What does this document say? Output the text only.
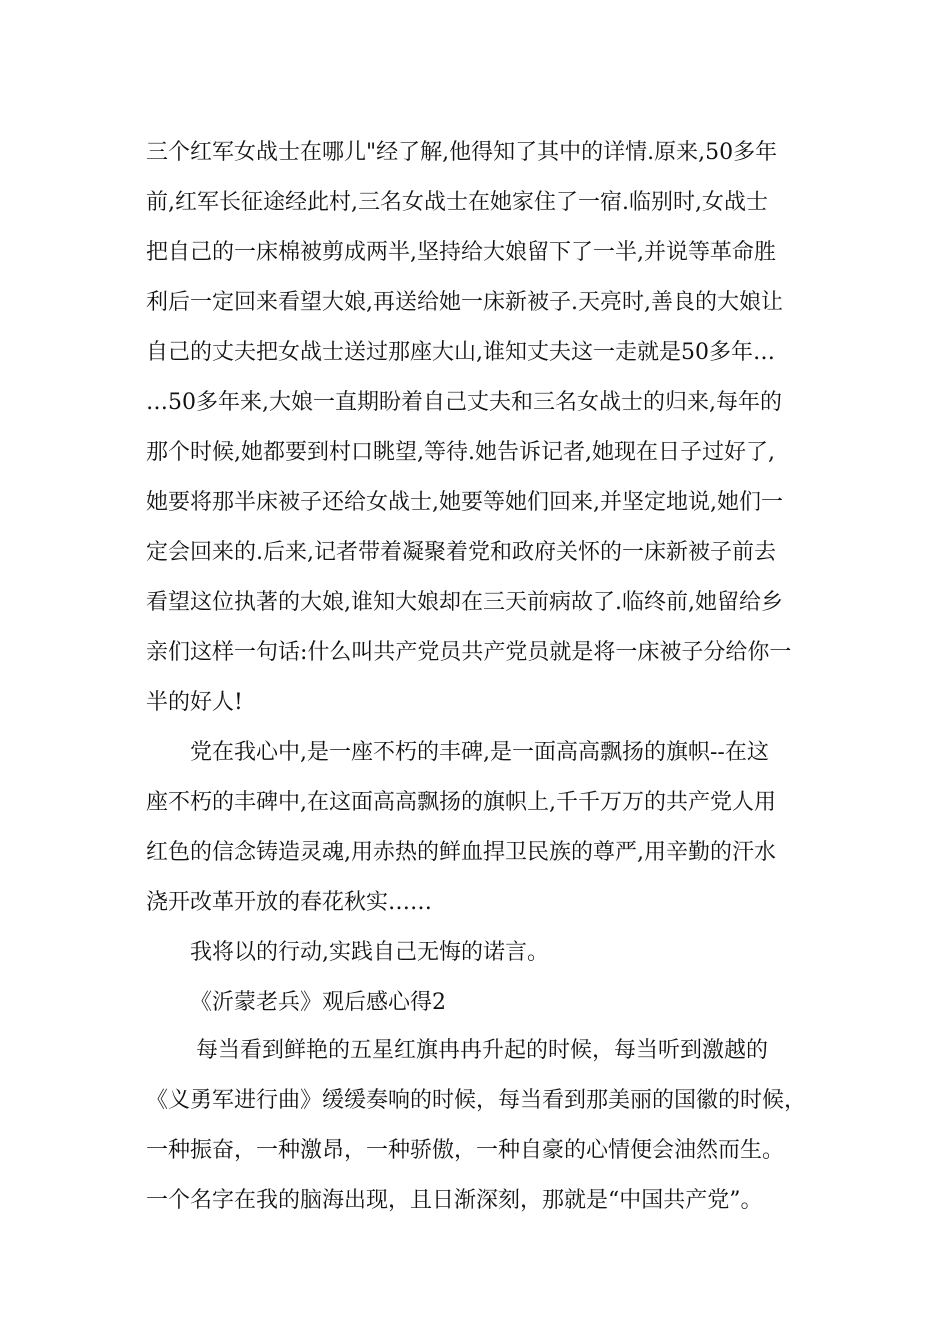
三个红军女战士在哪儿"经了解,他得知了其中的详情.原来,50多年
前,红军长征途经此村,三名女战士在她家住了一宿.临别时,女战士
把自己的一床棉被剪成两半,坚持给大娘留下了一半,并说等革命胜
利后一定回来看望大娘,再送给她一床新被子.天亮时,善良的大娘让
自己的丈夫把女战士送过那座大山,谁知丈夫这一走就是50多年…
…50多年来,大娘一直期盼着自己丈夫和三名女战士的归来,每年的
那个时候,她都要到村口眺望,等待.她告诉记者,她现在日子过好了,
她要将那半床被子还给女战士,她要等她们回来,并坚定地说,她们一
定会回来的.后来,记者带着凝聚着党和政府关怀的一床新被子前去
看望这位执著的大娘,谁知大娘却在三天前病故了.临终前,她留给乡
亲们这样一句话:什么叫共产党员共产党员就是将一床被子分给你一
半的好人!
党在我心中,是一座不朽的丰碑,是一面高高飘扬的旗帜--在这
座不朽的丰碑中,在这面高高飘扬的旗帜上,千千万万的共产党人用
红色的信念铸造灵魂,用赤热的鲜血捍卫民族的尊严,用辛勤的汗水
浇开改革开放的春花秋实……
我将以的行动,实践自己无悔的诺言。
《沂蒙老兵》观后感心得2
每当看到鲜艳的五星红旗冉冉升起的时候，每当听到激越的
《义勇军进行曲》缓缓奏响的时候，每当看到那美丽的国徽的时候，
一种振奋，一种激昂，一种骄傲，一种自豪的心情便会油然而生。
一个名字在我的脑海出现，且日渐深刻，那就是“中国共产党”。
